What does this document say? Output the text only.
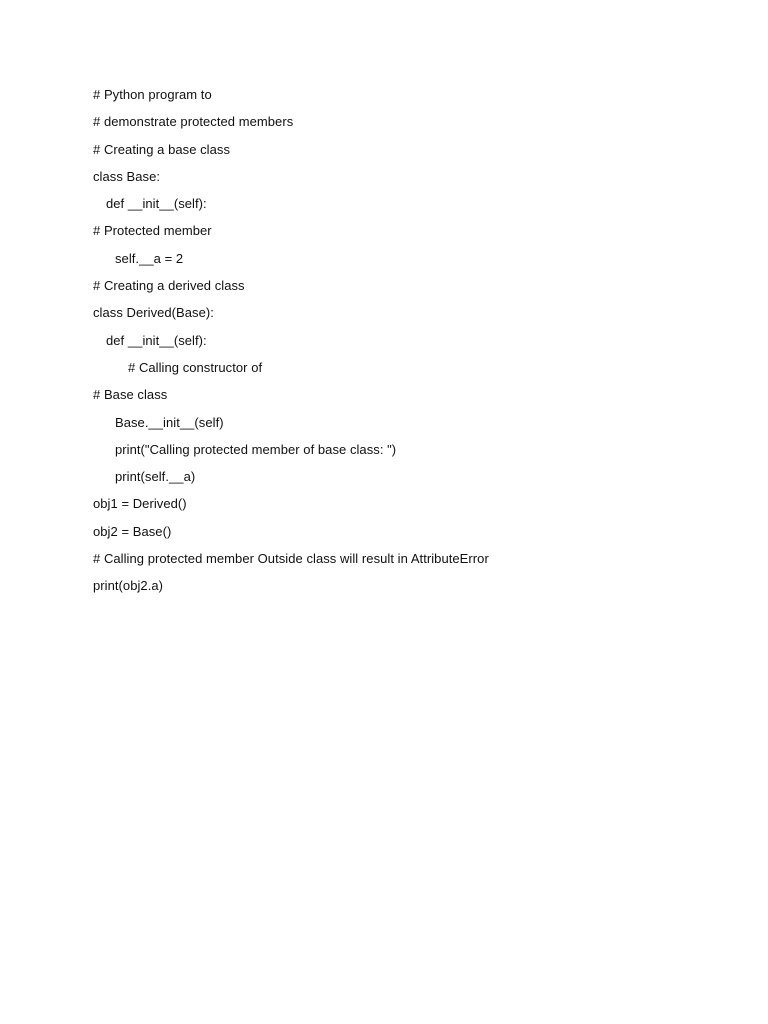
# Python program to
# demonstrate protected members
# Creating a base class
class Base:
def __init__(self):
# Protected member
self.__a = 2
# Creating a derived class
class Derived(Base):
def __init__(self):
# Calling constructor of
# Base class
Base.__init__(self)
print("Calling protected member of base class: ")
print(self.__a)
obj1 = Derived()
obj2 = Base()
# Calling protected member Outside class will result in AttributeError
print(obj2.a)
